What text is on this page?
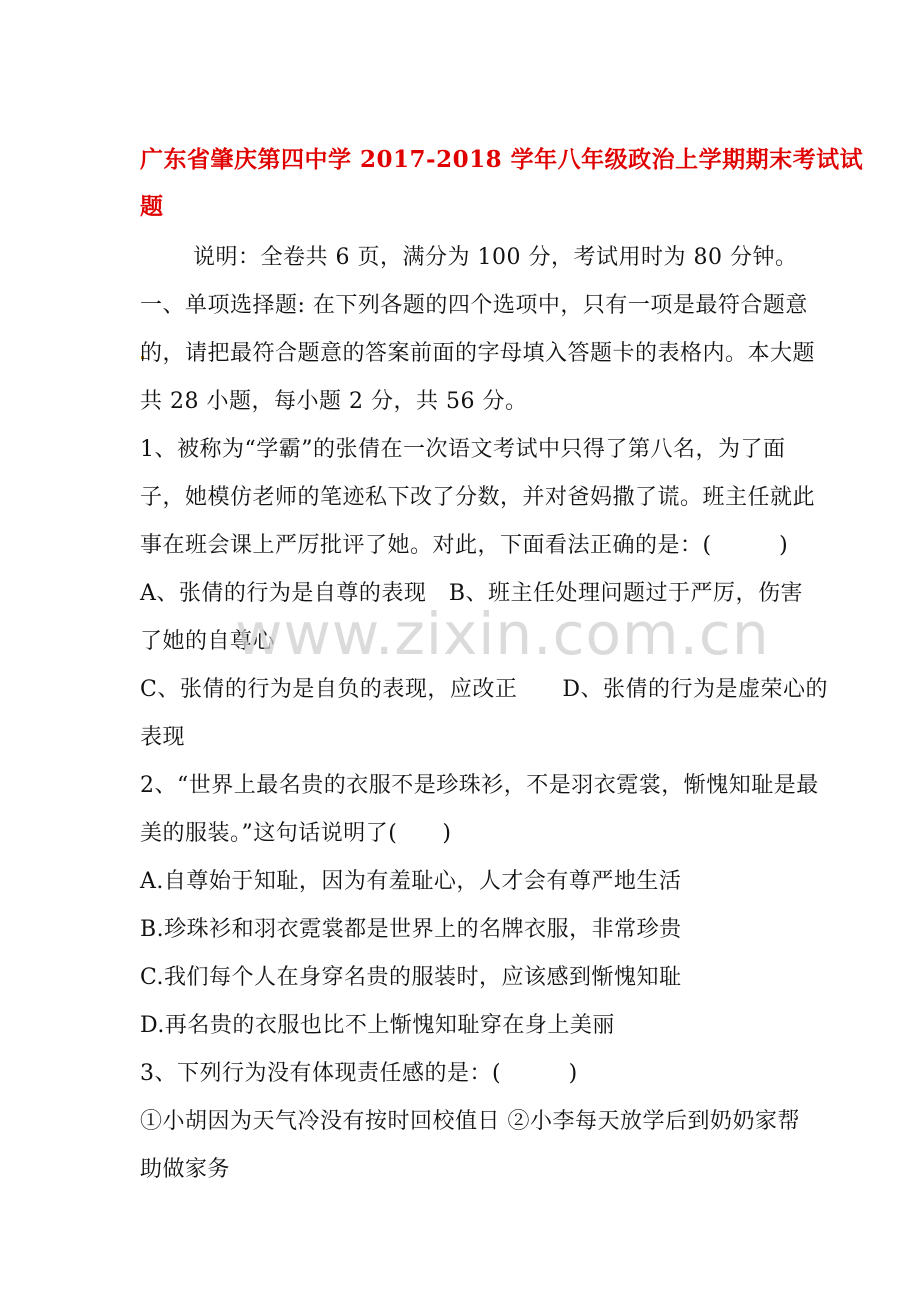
广东省肇庆第四中学 2017-2018 学年八年级政治上学期期末考试试
题
说明：全卷共 6 页，满分为 100 分，考试用时为 80 分钟。
一、单项选择题: 在下列各题的四个选项中，只有一项是最符合题意
的，请把最符合题意的答案前面的字母填入答题卡的表格内。本大题
共 28 小题，每小题 2 分，共 56 分。
1、被称为“学霸”的张倩在一次语文考试中只得了第八名，为了面
子，她模仿老师的笔迹私下改了分数，并对爸妈撒了谎。班主任就此
事在班会课上严厉批评了她。对此，下面看法正确的是：(　　　)
A、张倩的行为是自尊的表现　B、班主任处理问题过于严厉，伤害
了她的自尊心
C、张倩的行为是自负的表现，应改正　　D、张倩的行为是虚荣心的
表现
2、“世界上最名贵的衣服不是珍珠衫，不是羽衣霓裳，惭愧知耻是最
美的服装。”这句话说明了(　　)
A.自尊始于知耻，因为有羞耻心，人才会有尊严地生活
B.珍珠衫和羽衣霓裳都是世界上的名牌衣服，非常珍贵
C.我们每个人在身穿名贵的服装时，应该感到惭愧知耻
D.再名贵的衣服也比不上惭愧知耻穿在身上美丽
3、下列行为没有体现责任感的是：(　　　)
①小胡因为天气冷没有按时回校值日 ②小李每天放学后到奶奶家帮
助做家务
www.zixin.com.cn
